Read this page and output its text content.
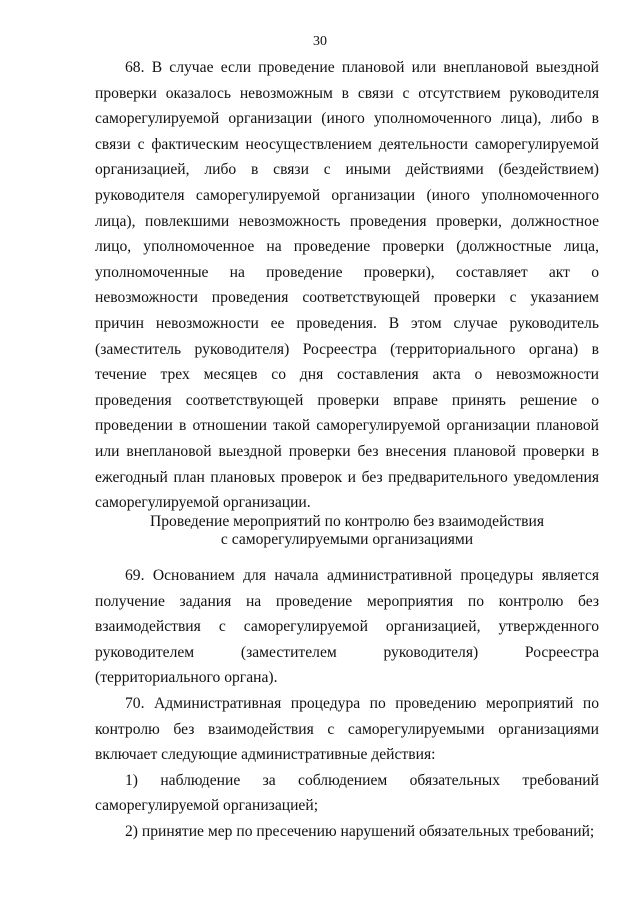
30

68. В случае если проведение плановой или внеплановой выездной проверки оказалось невозможным в связи с отсутствием руководителя саморегулируемой организации (иного уполномоченного лица), либо в связи с фактическим неосуществлением деятельности саморегулируемой организацией, либо в связи с иными действиями (бездействием) руководителя саморегулируемой организации (иного уполномоченного лица), повлекшими невозможность проведения проверки, должностное лицо, уполномоченное на проведение проверки (должностные лица, уполномоченные на проведение проверки), составляет акт о невозможности проведения соответствующей проверки с указанием причин невозможности ее проведения. В этом случае руководитель (заместитель руководителя) Росреестра (территориального органа) в течение трех месяцев со дня составления акта о невозможности проведения соответствующей проверки вправе принять решение о проведении в отношении такой саморегулируемой организации плановой или внеплановой выездной проверки без внесения плановой проверки в ежегодный план плановых проверок и без предварительного уведомления саморегулируемой организации.

Проведение мероприятий по контролю без взаимодействия
с саморегулируемыми организациями

69. Основанием для начала административной процедуры является получение задания на проведение мероприятия по контролю без взаимодействия с саморегулируемой организацией, утвержденного руководителем (заместителем руководителя) Росреестра (территориального органа).

70. Административная процедура по проведению мероприятий по контролю без взаимодействия с саморегулируемыми организациями включает следующие административные действия:

1) наблюдение за соблюдением обязательных требований саморегулируемой организацией;

2) принятие мер по пресечению нарушений обязательных требований;
